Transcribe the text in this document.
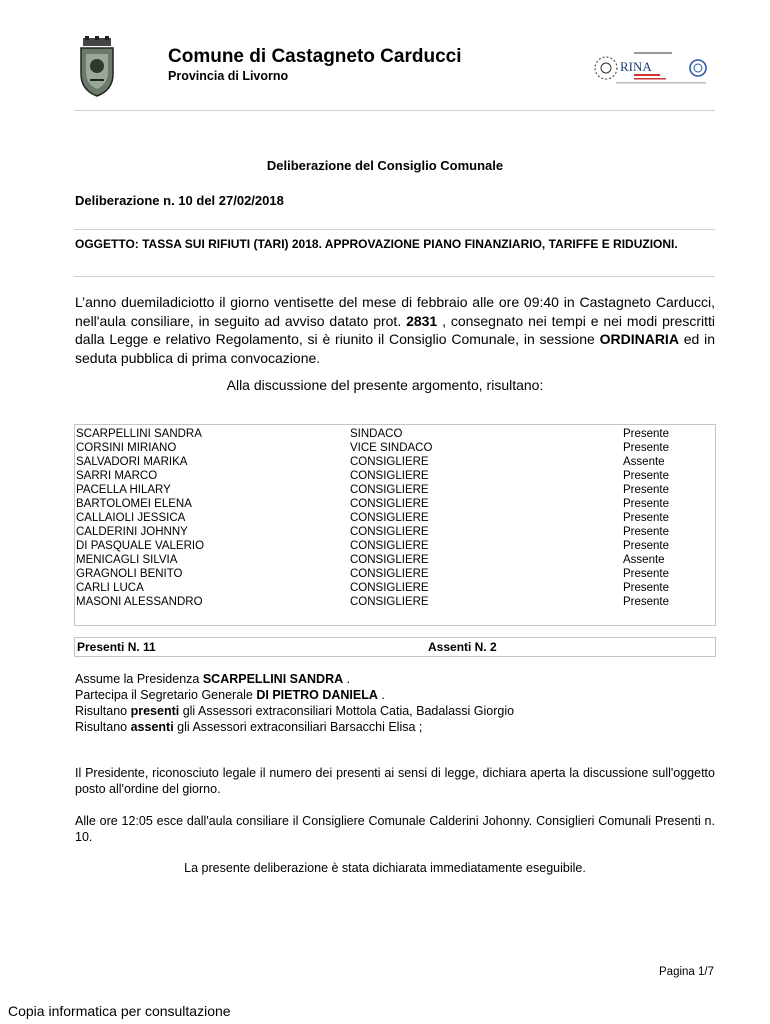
Comune di Castagneto Carducci
Provincia di Livorno
RINA
Deliberazione del Consiglio Comunale
Deliberazione n. 10 del 27/02/2018
OGGETTO: TASSA SUI RIFIUTI (TARI) 2018. APPROVAZIONE PIANO FINANZIARIO, TARIFFE E RIDUZIONI.
L’anno duemiladiciotto il giorno ventisette del mese di febbraio alle ore 09:40 in Castagneto Carducci, nell'aula consiliare, in seguito ad avviso datato prot. 2831 , consegnato nei tempi e nei modi prescritti dalla Legge e relativo Regolamento, si è riunito il Consiglio Comunale, in sessione ORDINARIA ed in seduta pubblica di prima convocazione.
Alla discussione del presente argomento, risultano:
SCARPELLINI SANDRA	SINDACO	Presente
CORSINI MIRIANO	VICE SINDACO	Presente
SALVADORI MARIKA	CONSIGLIERE	Assente
SARRI MARCO	CONSIGLIERE	Presente
PACELLA HILARY	CONSIGLIERE	Presente
BARTOLOMEI ELENA	CONSIGLIERE	Presente
CALLAIOLI JESSICA	CONSIGLIERE	Presente
CALDERINI JOHNNY	CONSIGLIERE	Presente
DI PASQUALE VALERIO	CONSIGLIERE	Presente
MENICAGLI SILVIA	CONSIGLIERE	Assente
GRAGNOLI BENITO	CONSIGLIERE	Presente
CARLI LUCA	CONSIGLIERE	Presente
MASONI ALESSANDRO	CONSIGLIERE	Presente
Presenti N. 11	Assenti N. 2
Assume la Presidenza SCARPELLINI SANDRA .
Partecipa il Segretario Generale DI PIETRO DANIELA .
Risultano presenti gli Assessori extraconsiliari Mottola Catia, Badalassi Giorgio
Risultano assenti gli Assessori extraconsiliari Barsacchi Elisa ;
Il Presidente, riconosciuto legale il numero dei presenti ai sensi di legge, dichiara aperta la discussione sull'oggetto posto all'ordine del giorno.
Alle ore 12:05 esce dall'aula consiliare il Consigliere Comunale Calderini Johonny. Consiglieri Comunali Presenti n. 10.
La presente deliberazione è stata dichiarata immediatamente eseguibile.
Pagina 1/7
Copia informatica per consultazione
